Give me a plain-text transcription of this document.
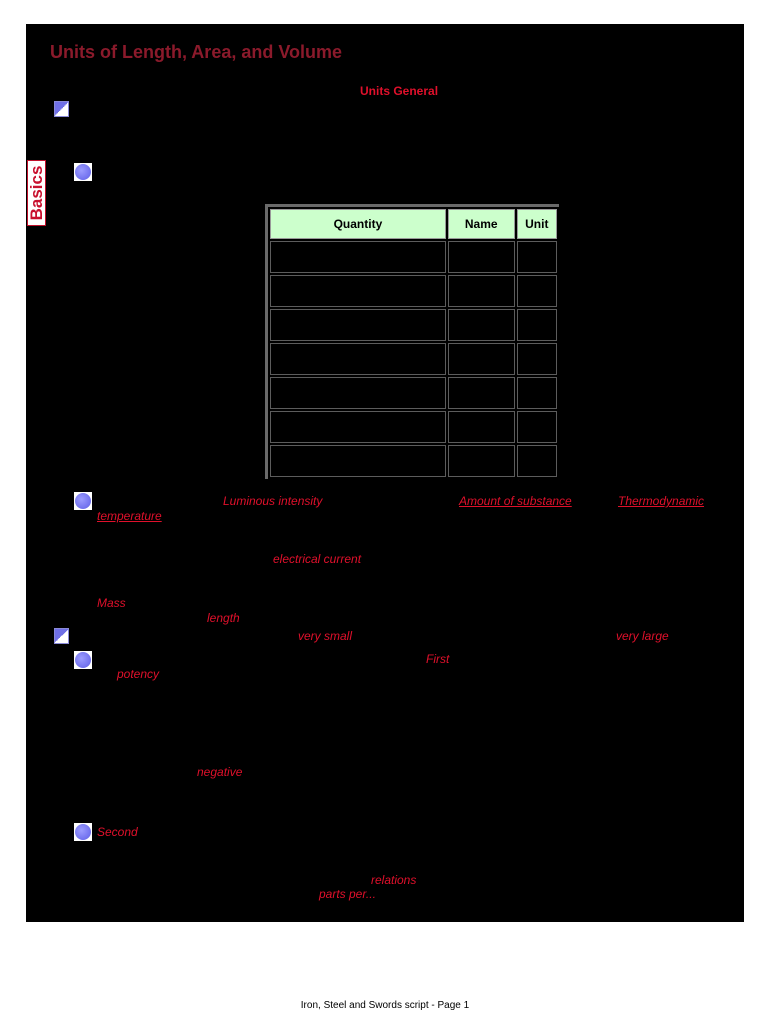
Units of Length, Area, and Volume
Units General
Basics
Quantity	Name	Unit

Luminous intensity	Amount of substance	Thermodynamic
temperature
electrical current
Mass
length
very small	very large
First
potency
negative
Second
relations
parts per...
Iron, Steel and Swords script - Page 1
